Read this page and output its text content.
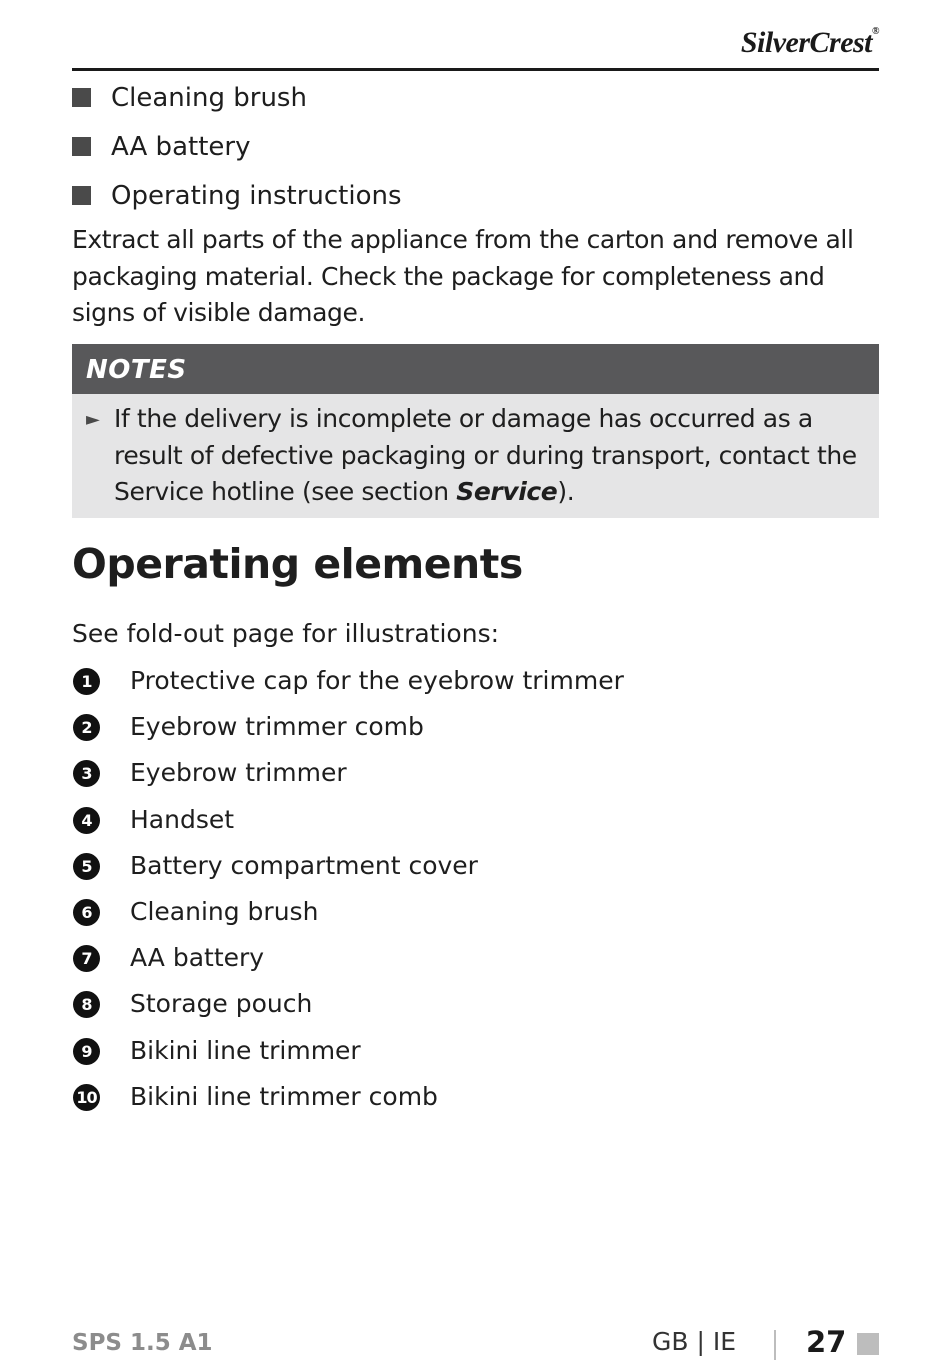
SilverCrest®
Cleaning brush
AA battery
Operating instructions

Extract all parts of the appliance from the carton and remove all packaging material. Check the package for completeness and signs of visible damage.

NOTES
► If the delivery is incomplete or damage has occurred as a result of defective packaging or during transport, contact the Service hotline (see section Service).
Operating elements

See fold-out page for illustrations:

1	Protective cap for the eyebrow trimmer
2	Eyebrow trimmer comb
3	Eyebrow trimmer
4	Handset
5	Battery compartment cover
6	Cleaning brush
7	AA battery
8	Storage pouch
9	Bikini line trimmer
10 Bikini line trimmer comb
SPS 1.5 A1	GB | IE 27
